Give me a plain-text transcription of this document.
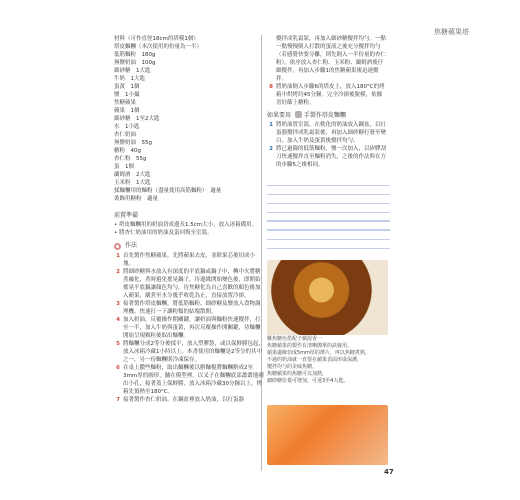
焦糖蘋果塔
材料（可作直徑18cm的塔模1個）
塔皮麵糰（本次使用的份量為一半）
低筋麵粉　180g
無鹽奶油　100g
細砂糖　1大匙
牛奶　1大匙
蛋黃　1個
鹽　1小撮
焦糖蘋果
蘋果　1個
細砂糖　1至2大匙
水　1小匙
杏仁奶油
無鹽奶油　55g
糖粉　40g
杏仁粉　55g
蛋　1個
蘭姆酒　2大匙
玉米粉　1大匙
揉麵糰用的麵粉（盡量使用高筋麵粉）　適量
裝飾用糖粉　適量
前置準備
• 塔皮麵糰用的奶油切成邊長1.5cm大小，放入冰箱備用。
• 將杏仁奶油用的奶油及蛋回復至室溫。
作法
1 首先製作焦糖蘋果。先將蘋果去皮，並除果芯後切成小塊。
2 將細砂糖與水放入有深度的平底鍋或鍋子中，轉中火將糖煮融化，煮時避免搖晃鍋子，待邊緣開始變色後，即開始搖晃平底鍋讓顏色均勻，待焦糖化為自己喜歡的顏色後加入蘋果，燉煮至水分幾乎收乾為止，直接放置冷卻。
3 接著製作塔皮麵糰。將低筋麵粉、細砂糖及鹽放入食物調理機，快速打一下讓粉類的結塊散開。
4 加入奶油，反覆操作開關鍵，讓奶油與麵粉快速攪拌，打至一半，加入牛奶與蛋黃，再次反覆操作開關鍵，待麵糰開始呈現顆粒後取出麵糰。
5 將麵糰分成2等分後揉平，放入塑膠袋，或以保鮮膜包起，放入冰箱冷藏1小時以上。本書使用的麵糰是2等分的其中之一，另一份麵糰則冷凍保存。
6 在桌上撒些麵粉，取出麵糰後以擀麵棍將麵糰擀成2至3mm厚的圓形，鋪在模型裡，以叉子在麵糰底部叢叢地刺出小孔，接著蓋上保鮮膜，放入冰箱冷藏30分鐘以上，烤箱先預熱至180°C。
7 接著製作杏仁奶油。在鋼盆裡放入奶油，以打蛋器
攪拌成乳霜狀，再加入細砂糖攪拌均勻。一點一點慢慢倒入打散的蛋液之後充分攪拌均勻（若感覺快要分離，則先倒入一半份量的杏仁粉）。依序放入杏仁粉、玉米粉、蘭姆酒後仔細攪拌，再加入步驟1的焦糖蘋果後迅速攪拌。
8 將奶油倒入步驟6的塔皮上，放入180°C的烤箱中烘烤約45分鐘。完全冷卻後脫模，依據喜好篩上糖粉。
如果要用 手製作塔皮麵糰
1 將奶油置室溫，在軟化的奶油放入鋼盆，以打蛋器攪拌成乳霜狀後，再加入細砂糖打發至變白，加入牛奶及蛋黃後攪拌均勻。
2 將已過篩的低筋麵粉，鹽一次加入，以矽膠刮刀快速攪拌直至麵粉消失，之後的作法與在方的步驟5之後相同。
難焦糖色搭配子蘋混香一
焦糖蘋果的製作有清晰簡單的訣竅用。
蘋果邊緣切成5mm厚的薄片，再以焦糖煮熟，
不過的奶油就一直要在蘋果表面形成保護，
攪拌均勻的美味焦糖。
焦糖蘋果的焦糖可以加熱，
細砂糖份量可增加，可達3至4大匙。
47
